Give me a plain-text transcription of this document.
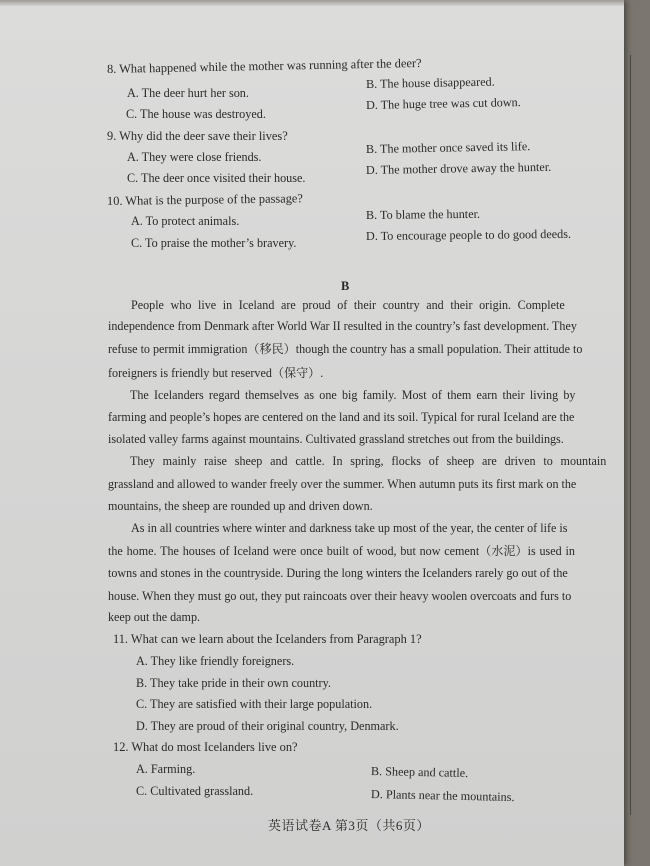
8. What happened while the mother was running after the deer?
A. The deer hurt her son.
B. The house disappeared.
C. The house was destroyed.
D. The huge tree was cut down.
9. Why did the deer save their lives?
A. They were close friends.
B. The mother once saved its life.
C. The deer once visited their house.
D. The mother drove away the hunter.
10. What is the purpose of the passage?
A. To protect animals.	B. To blame the hunter.
C. To praise the mother’s bravery.
D. To encourage people to do good deeds.
B
People who live in Iceland are proud of their country and their origin. Complete
independence from Denmark after World War II resulted in the country’s fast development. They
refuse to permit immigration（移民）though the country has a small population. Their attitude to
foreigners is friendly but reserved（保守）.
The Icelanders regard themselves as one big family. Most of them earn their living by
farming and people’s hopes are centered on the land and its soil. Typical for rural Iceland are the
isolated valley farms against mountains. Cultivated grassland stretches out from the buildings.
They mainly raise sheep and cattle. In spring, flocks of sheep are driven to mountain
grassland and allowed to wander freely over the summer. When autumn puts its first mark on the
mountains, the sheep are rounded up and driven down.
As in all countries where winter and darkness take up most of the year, the center of life is
the home. The houses of Iceland were once built of wood, but now cement（水泥）is used in
towns and stones in the countryside. During the long winters the Icelanders rarely go out of the
house. When they must go out, they put raincoats over their heavy woolen overcoats and furs to
keep out the damp.
11. What can we learn about the Icelanders from Paragraph 1?
A. They like friendly foreigners.
B. They take pride in their own country.
C. They are satisfied with their large population.
D. They are proud of their original country, Denmark.
12. What do most Icelanders live on?
A. Farming.	B. Sheep and cattle.
C. Cultivated grassland.	D. Plants near the mountains.
英语试卷A 第3页（共6页）
